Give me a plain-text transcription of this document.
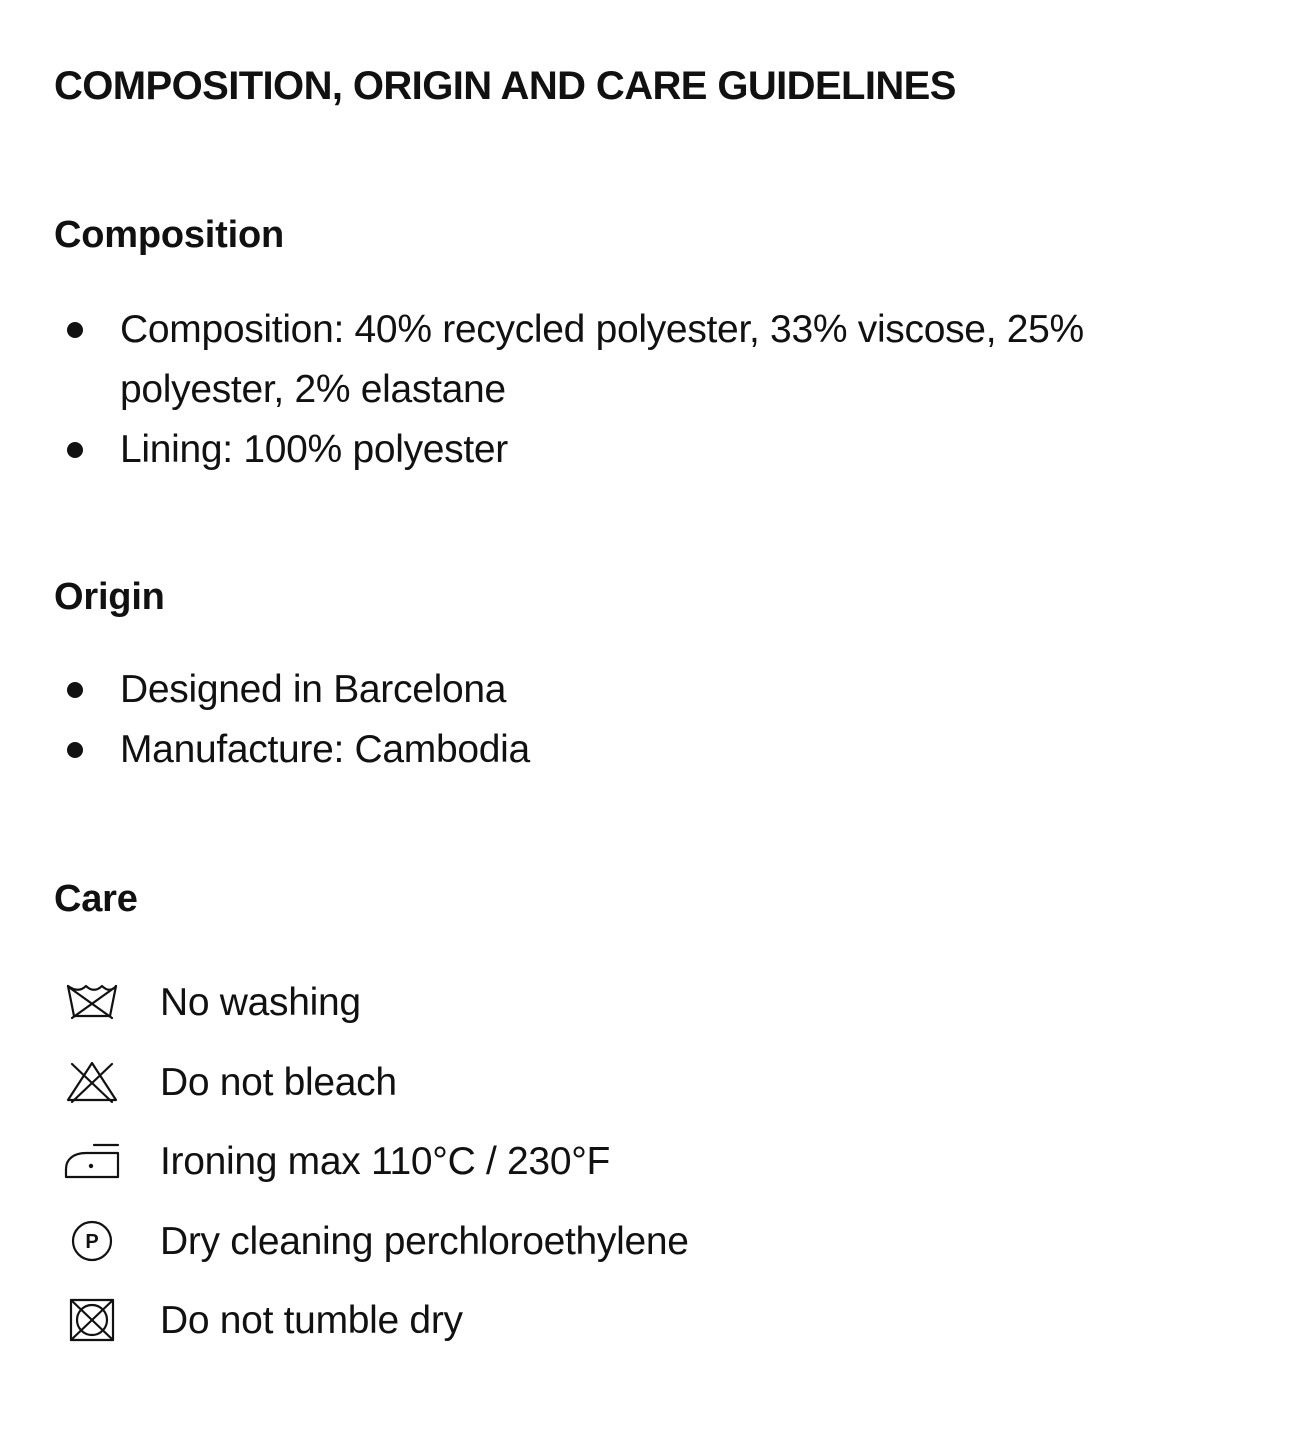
COMPOSITION, ORIGIN AND CARE GUIDELINES
Composition
Composition: 40% recycled polyester, 33% viscose, 25% polyester, 2% elastane
Lining: 100% polyester
Origin
Designed in Barcelona
Manufacture: Cambodia
Care
No washing
Do not bleach
Ironing max 110°C / 230°F
P Dry cleaning perchloroethylene
Do not tumble dry
